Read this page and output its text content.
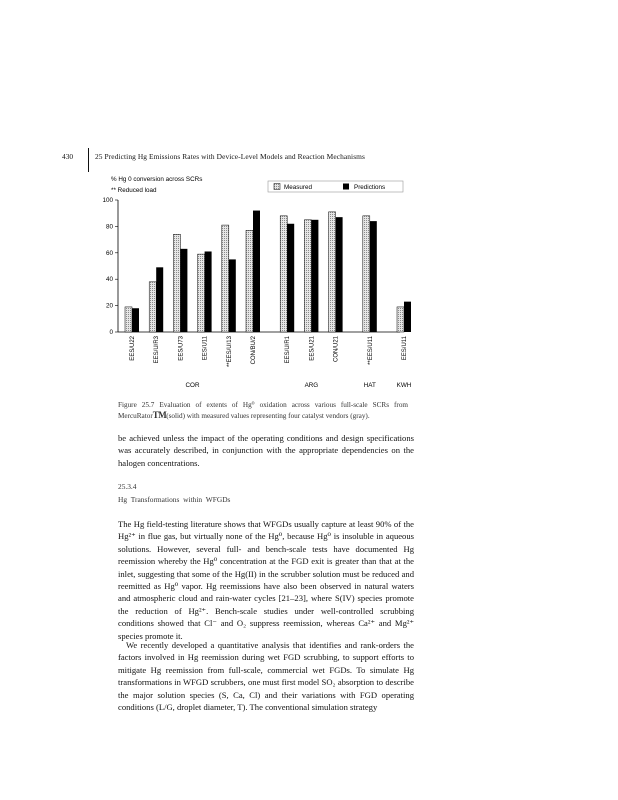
430	25 Predicting Hg Emissions Rates with Device-Level Models and Reaction Mechanisms
0
20
40
60
80
100
EES/U22	EES/U/R3	EES/U73	EES/U11	**EES/U/13	CON/BU/2	EES/U/R1	EES/U21	CON/U21	**EES/U11	EES/U11
COR	ARG	HAT	KWH
% Hg 0 conversion across SCRs
** Reduced load	Measured	Predictions
Figure 25.7 Evaluation of extents of Hg⁰ oxidation across various full-scale SCRs from MercuRatorTM(solid) with measured values representing four catalyst vendors (gray).
be achieved unless the impact of the operating conditions and design specifications was accurately described, in conjunction with the appropriate dependencies on the halogen concentrations.
25.3.4
Hg Transformations within WFGDs
The Hg field-testing literature shows that WFGDs usually capture at least 90% of the Hg²⁺ in flue gas, but virtually none of the Hg⁰, because Hg⁰ is insoluble in aqueous solutions. However, several full- and bench-scale tests have documented Hg reemission whereby the Hg⁰ concentration at the FGD exit is greater than that at the inlet, suggesting that some of the Hg(II) in the scrubber solution must be reduced and reemitted as Hg⁰ vapor. Hg reemissions have also been observed in natural waters and atmospheric cloud and rain-water cycles [21–23], where S(IV) species promote the reduction of Hg²⁺. Bench-scale studies under well-controlled scrubbing conditions showed that Cl⁻ and O₂ suppress reemission, whereas Ca²⁺ and Mg²⁺ species promote it.
We recently developed a quantitative analysis that identifies and rank-orders the factors involved in Hg reemission during wet FGD scrubbing, to support efforts to mitigate Hg reemission from full-scale, commercial wet FGDs. To simulate Hg transformations in WFGD scrubbers, one must first model SO₂ absorption to describe the major solution species (S, Ca, Cl) and their variations with FGD operating conditions (L/G, droplet diameter, T). The conventional simulation strategy
